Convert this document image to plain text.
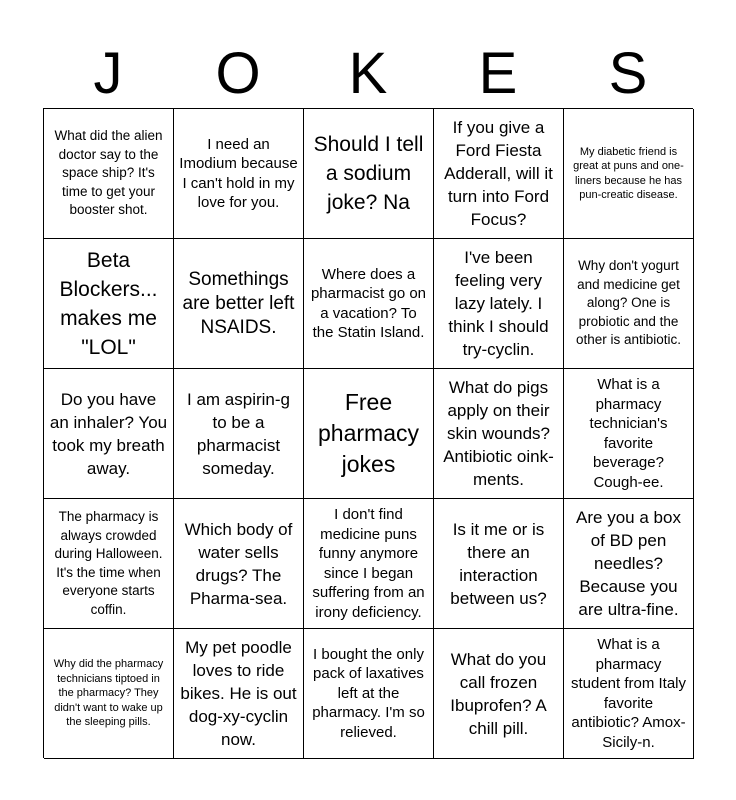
J	O	K	E	S
What did the alien doctor say to the space ship? It's time to get your booster shot.
I need an Imodium because I can't hold in my love for you.
Should I tell a sodium joke? Na
If you give a Ford Fiesta Adderall, will it turn into Ford Focus?
My diabetic friend is great at puns and one-liners because he has pun-creatic disease.
Beta Blockers... makes me "LOL"
Somethings are better left NSAIDS.
Where does a pharmacist go on a vacation? To the Statin Island.
I've been feeling very lazy lately. I think I should try-cyclin.
Why don't yogurt and medicine get along? One is probiotic and the other is antibiotic.
Do you have an inhaler? You took my breath away.
I am aspirin-g to be a pharmacist someday.
Free pharmacy jokes
What do pigs apply on their skin wounds? Antibiotic oink-ments.
What is a pharmacy technician's favorite beverage? Cough-ee.
The pharmacy is always crowded during Halloween. It's the time when everyone starts coffin.
Which body of water sells drugs? The Pharma-sea.
I don't find medicine puns funny anymore since I began suffering from an irony deficiency.
Is it me or is there an interaction between us?
Are you a box of BD pen needles? Because you are ultra-fine.
Why did the pharmacy technicians tiptoed in the pharmacy? They didn't want to wake up the sleeping pills.
My pet poodle loves to ride bikes. He is out dog-xy-cyclin now.
I bought the only pack of laxatives left at the pharmacy. I'm so relieved.
What do you call frozen Ibuprofen? A chill pill.
What is a pharmacy student from Italy favorite antibiotic? Amox-Sicily-n.
